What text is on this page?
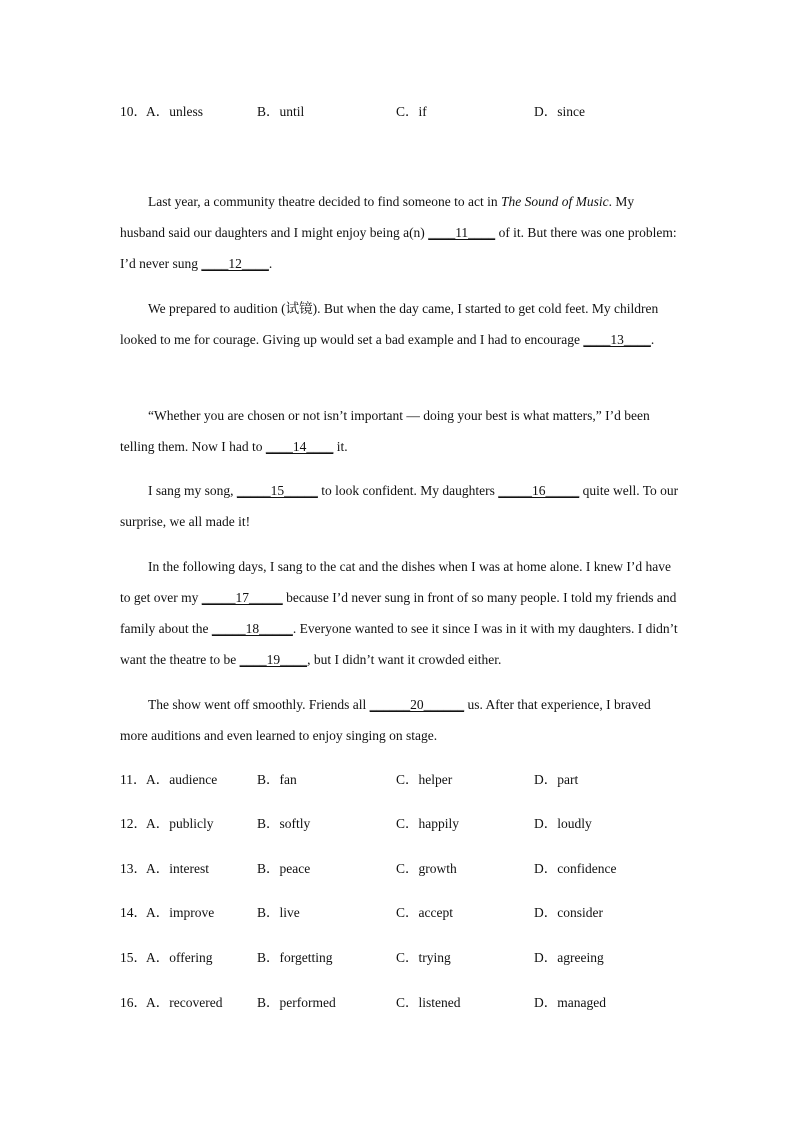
10． A．unless	B．until	C．if	D．since

Last year, a community theatre decided to find someone to act in The Sound of Music. My husband said our daughters and I might enjoy being a(n) ____11____ of it. But there was one problem: I’d never sung ____12____.

We prepared to audition (试镜). But when the day came, I started to get cold feet. My children looked to me for courage. Giving up would set a bad example and I had to encourage ____13____.

“Whether you are chosen or not isn’t important — doing your best is what matters,” I’d been telling them. Now I had to ____14____ it.

I sang my song, _____15_____ to look confident. My daughters _____16_____ quite well. To our surprise, we all made it!

In the following days, I sang to the cat and the dishes when I was at home alone. I knew I’d have to get over my _____17_____ because I’d never sung in front of so many people. I told my friends and family about the _____18_____. Everyone wanted to see it since I was in it with my daughters. I didn’t want the theatre to be ____19____, but I didn’t want it crowded either.

The show went off smoothly. Friends all ______20______ us. After that experience, I braved more auditions and even learned to enjoy singing on stage.

11． A．audience	B．fan	C．helper	D．part
12． A．publicly	B．softly	C．happily	D．loudly
13． A．interest	B．peace	C．growth	D．confidence
14． A．improve	B．live	C．accept	D．consider
15． A．offering	B．forgetting	C．trying	D．agreeing
16． A．recovered	B．performed	C．listened	D．managed
